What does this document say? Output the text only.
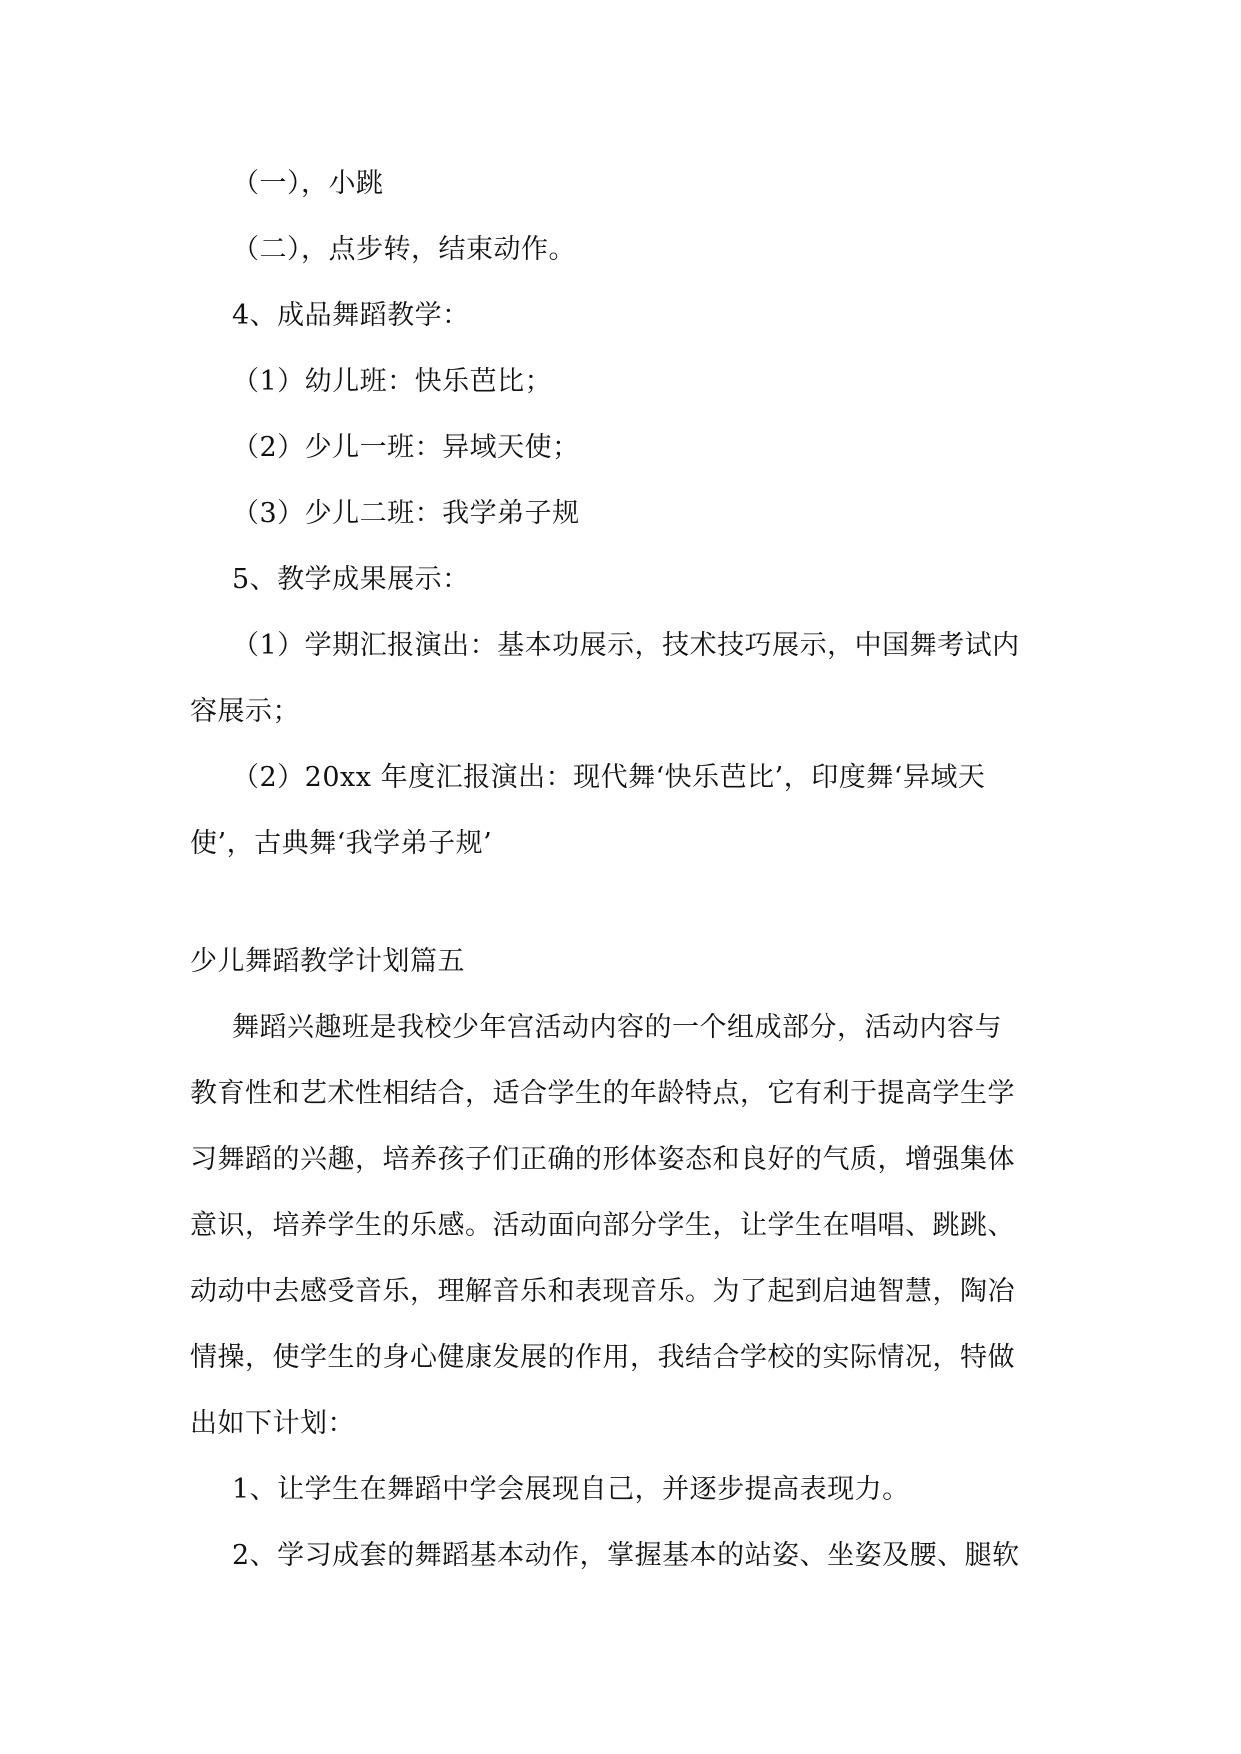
（一），小跳
（二），点步转，结束动作。
4、成品舞蹈教学：
（1）幼儿班：快乐芭比；
（2）少儿一班：异域天使；
（3）少儿二班：我学弟子规
5、教学成果展示：
（1）学期汇报演出：基本功展示，技术技巧展示，中国舞考试内
容展示；
（2）20xx 年度汇报演出：现代舞‘快乐芭比’，印度舞‘异域天
使’，古典舞‘我学弟子规’
少儿舞蹈教学计划篇五
舞蹈兴趣班是我校少年宫活动内容的一个组成部分，活动内容与
教育性和艺术性相结合，适合学生的年龄特点，它有利于提高学生学
习舞蹈的兴趣，培养孩子们正确的形体姿态和良好的气质，增强集体
意识，培养学生的乐感。活动面向部分学生，让学生在唱唱、跳跳、
动动中去感受音乐，理解音乐和表现音乐。为了起到启迪智慧，陶冶
情操，使学生的身心健康发展的作用，我结合学校的实际情况，特做
出如下计划：
1、让学生在舞蹈中学会展现自己，并逐步提高表现力。
2、学习成套的舞蹈基本动作，掌握基本的站姿、坐姿及腰、腿软
